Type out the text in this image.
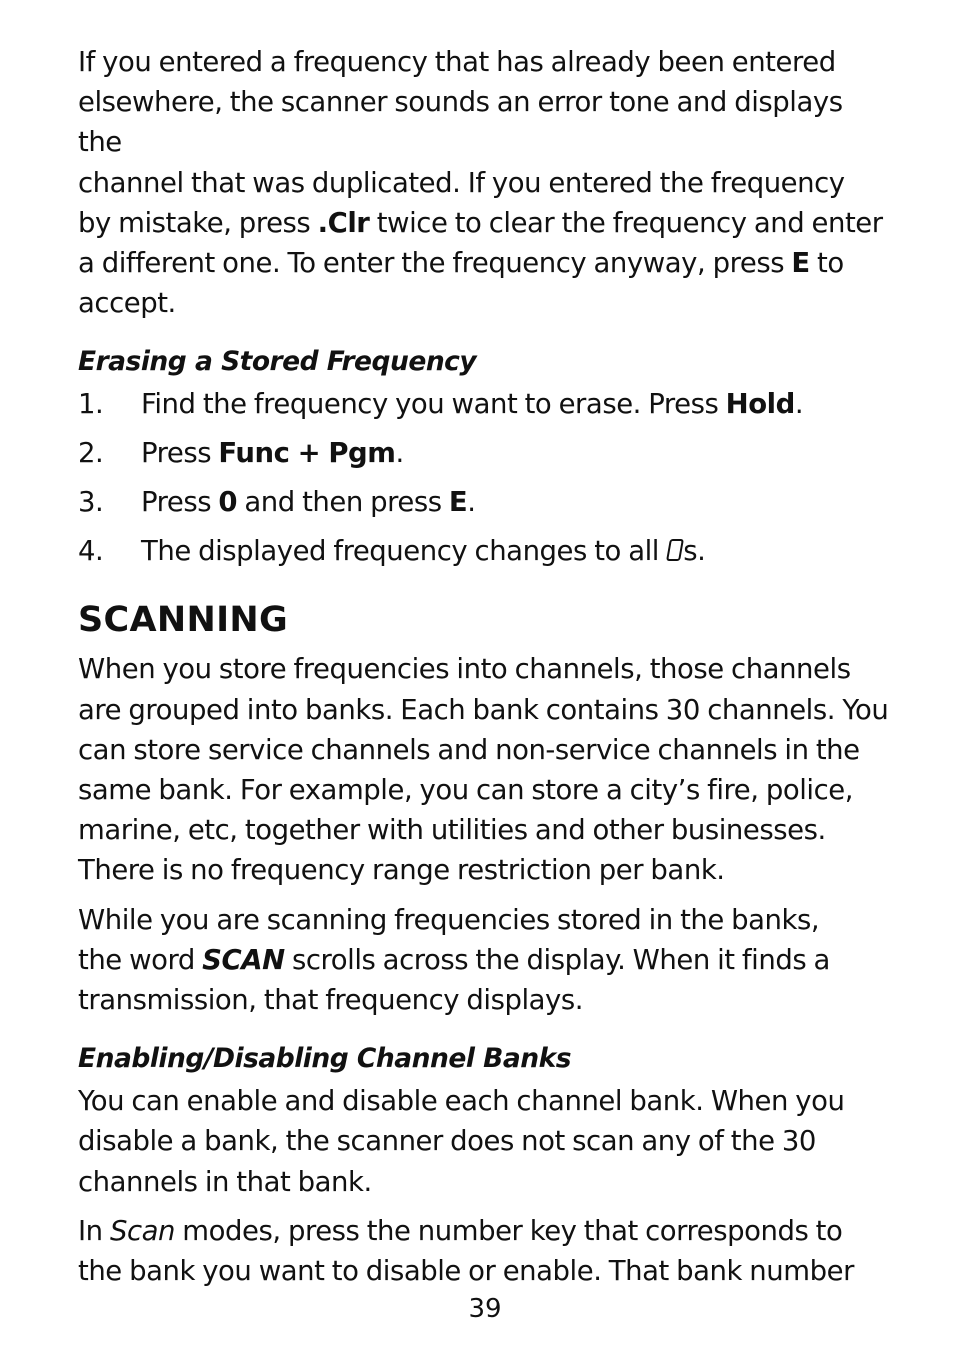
If you entered a frequency that has already been entered
elsewhere, the scanner sounds an error tone and displays the
channel that was duplicated. If you entered the frequency
by mistake, press .Clr twice to clear the frequency and enter
a different one. To enter the frequency anyway, press E to
accept.

Erasing a Stored Frequency
1.	Find the frequency you want to erase. Press Hold.
2.	Press Func + Pgm.
3.	Press 0 and then press E.
4.	The displayed frequency changes to all s.
SCANNING

When you store frequencies into channels, those channels
are grouped into banks. Each bank contains 30 channels. You
can store service channels and non-service channels in the
same bank. For example, you can store a city’s fire, police,
marine, etc, together with utilities and other businesses.
There is no frequency range restriction per bank.

While you are scanning frequencies stored in the banks,
the word SCAN scrolls across the display. When it finds a
transmission, that frequency displays.

Enabling/Disabling Channel Banks

You can enable and disable each channel bank. When you
disable a bank, the scanner does not scan any of the 30
channels in that bank.

In Scan modes, press the number key that corresponds to
the bank you want to disable or enable. That bank number

39
